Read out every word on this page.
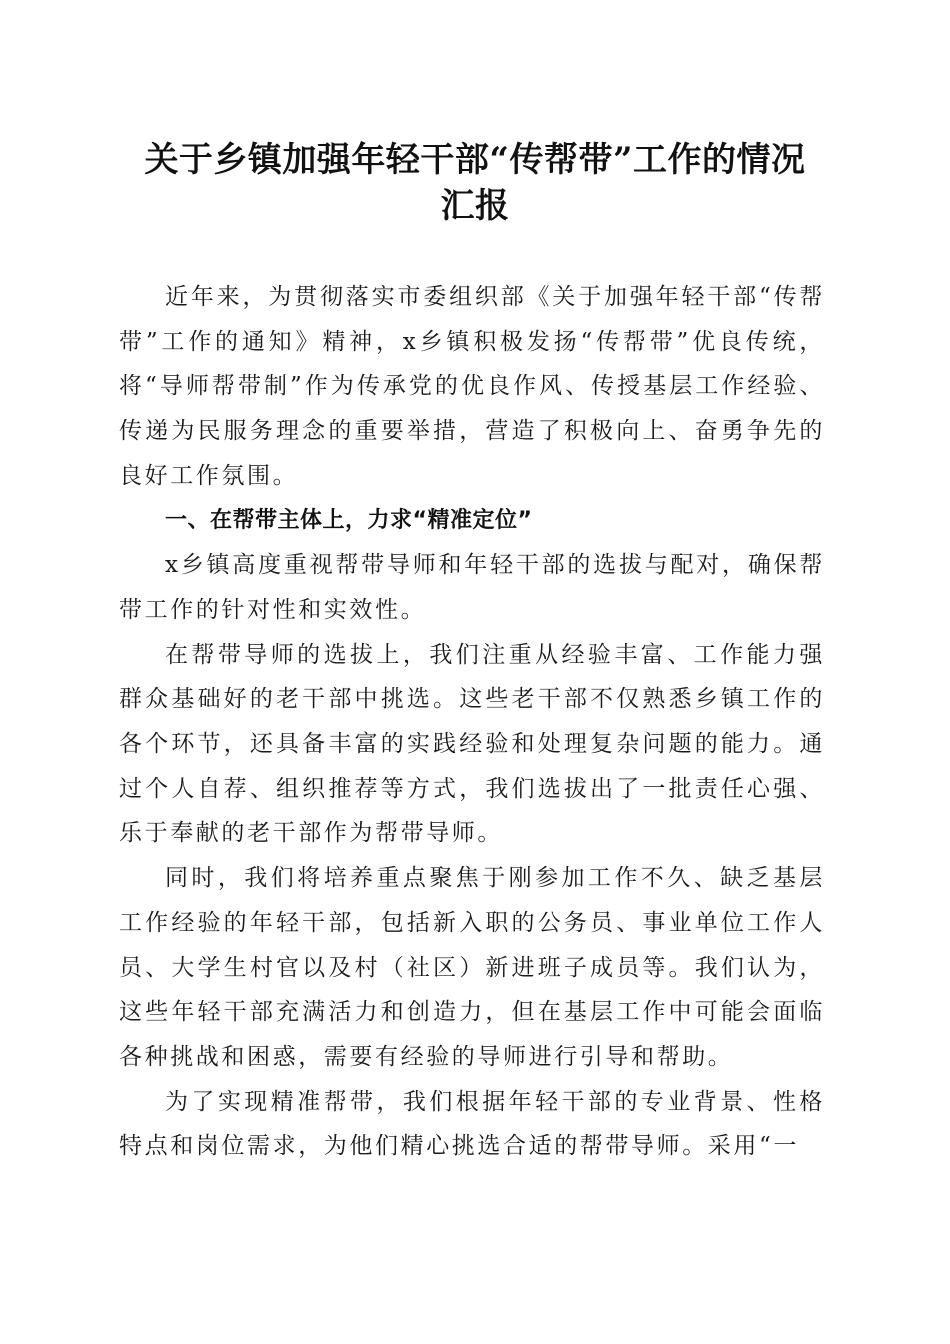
关于乡镇加强年轻干部“传帮带”工作的情况
汇报

近年来，为贯彻落实市委组织部《关于加强年轻干部“传帮带”工作的通知》精神，x乡镇积极发扬“传帮带”优良传统，将“导师帮带制”作为传承党的优良作风、传授基层工作经验、传递为民服务理念的重要举措，营造了积极向上、奋勇争先的良好工作氛围。

一、在帮带主体上，力求“精准定位”

x乡镇高度重视帮带导师和年轻干部的选拔与配对，确保帮带工作的针对性和实效性。

在帮带导师的选拔上，我们注重从经验丰富、工作能力强群众基础好的老干部中挑选。这些老干部不仅熟悉乡镇工作的各个环节，还具备丰富的实践经验和处理复杂问题的能力。通过个人自荐、组织推荐等方式，我们选拔出了一批责任心强、乐于奉献的老干部作为帮带导师。

同时，我们将培养重点聚焦于刚参加工作不久、缺乏基层工作经验的年轻干部，包括新入职的公务员、事业单位工作人员、大学生村官以及村（社区）新进班子成员等。我们认为，这些年轻干部充满活力和创造力，但在基层工作中可能会面临各种挑战和困惑，需要有经验的导师进行引导和帮助。

为了实现精准帮带，我们根据年轻干部的专业背景、性格特点和岗位需求，为他们精心挑选合适的帮带导师。采用“一
